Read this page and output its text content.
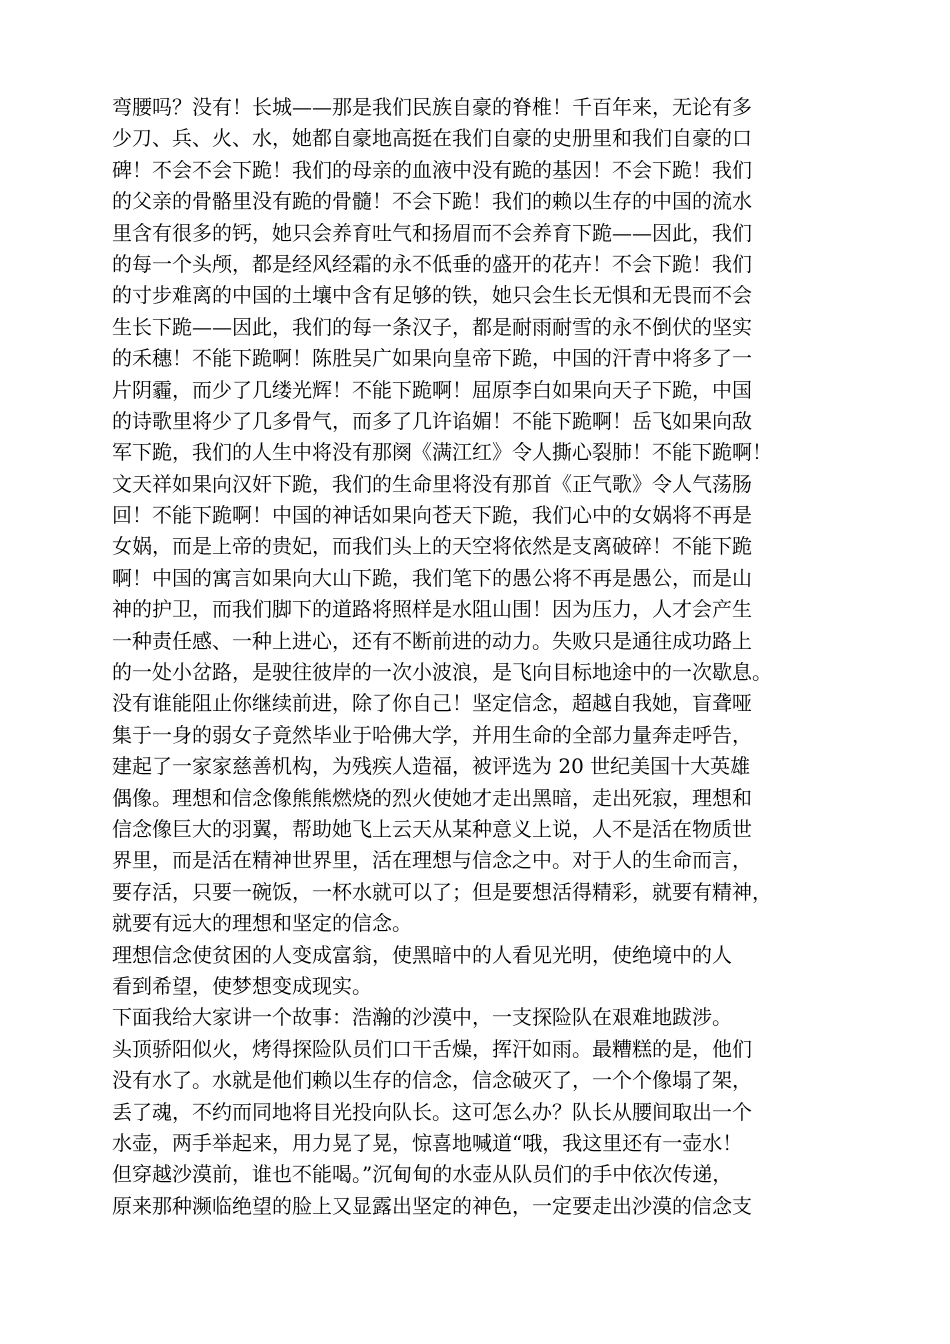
弯腰吗？没有！长城——那是我们民族自豪的脊椎！千百年来，无论有多
少刀、兵、火、水，她都自豪地高挺在我们自豪的史册里和我们自豪的口
碑！不会不会下跪！我们的母亲的血液中没有跪的基因！不会下跪！我们
的父亲的骨骼里没有跪的骨髓！不会下跪！我们的赖以生存的中国的流水
里含有很多的钙，她只会养育吐气和扬眉而不会养育下跪——因此，我们
的每一个头颅，都是经风经霜的永不低垂的盛开的花卉！不会下跪！我们
的寸步难离的中国的土壤中含有足够的铁，她只会生长无惧和无畏而不会
生长下跪——因此，我们的每一条汉子，都是耐雨耐雪的永不倒伏的坚实
的禾穗！不能下跪啊！陈胜吴广如果向皇帝下跪，中国的汗青中将多了一
片阴霾，而少了几缕光辉！不能下跪啊！屈原李白如果向天子下跪，中国
的诗歌里将少了几多骨气，而多了几许谄媚！不能下跪啊！岳飞如果向敌
军下跪，我们的人生中将没有那阕《满江红》令人撕心裂肺！不能下跪啊！
文天祥如果向汉奸下跪，我们的生命里将没有那首《正气歌》令人气荡肠
回！不能下跪啊！中国的神话如果向苍天下跪，我们心中的女娲将不再是
女娲，而是上帝的贵妃，而我们头上的天空将依然是支离破碎！不能下跪
啊！中国的寓言如果向大山下跪，我们笔下的愚公将不再是愚公，而是山
神的护卫，而我们脚下的道路将照样是水阻山围！因为压力，人才会产生
一种责任感、一种上进心，还有不断前进的动力。失败只是通往成功路上
的一处小岔路，是驶往彼岸的一次小波浪，是飞向目标地途中的一次歇息。
没有谁能阻止你继续前进，除了你自己！坚定信念，超越自我她，盲聋哑
集于一身的弱女子竟然毕业于哈佛大学，并用生命的全部力量奔走呼告，
建起了一家家慈善机构，为残疾人造福，被评选为 20 世纪美国十大英雄
偶像。理想和信念像熊熊燃烧的烈火使她才走出黑暗，走出死寂，理想和
信念像巨大的羽翼，帮助她飞上云天从某种意义上说，人不是活在物质世
界里，而是活在精神世界里，活在理想与信念之中。对于人的生命而言，
要存活，只要一碗饭，一杯水就可以了；但是要想活得精彩，就要有精神，
就要有远大的理想和坚定的信念。
理想信念使贫困的人变成富翁，使黑暗中的人看见光明，使绝境中的人
看到希望，使梦想变成现实。
下面我给大家讲一个故事：浩瀚的沙漠中，一支探险队在艰难地跋涉。
头顶骄阳似火，烤得探险队员们口干舌燥，挥汗如雨。最糟糕的是，他们
没有水了。水就是他们赖以生存的信念，信念破灭了，一个个像塌了架，
丢了魂，不约而同地将目光投向队长。这可怎么办？队长从腰间取出一个
水壶，两手举起来，用力晃了晃，惊喜地喊道“哦，我这里还有一壶水！
但穿越沙漠前，谁也不能喝。”沉甸甸的水壶从队员们的手中依次传递，
原来那种濒临绝望的脸上又显露出坚定的神色，一定要走出沙漠的信念支
